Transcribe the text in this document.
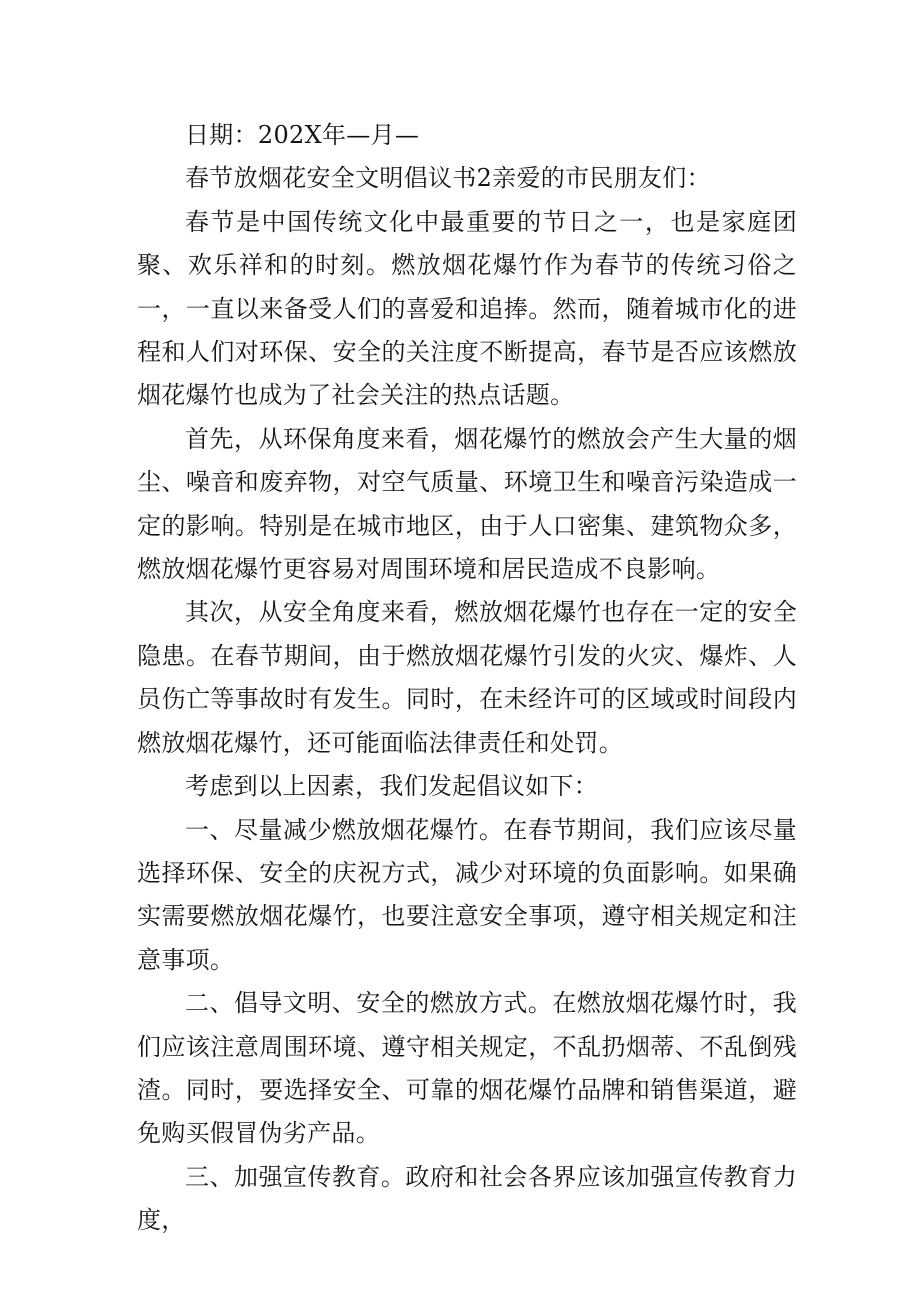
日期：202X年—月—

春节放烟花安全文明倡议书2亲爱的市民朋友们：

春节是中国传统文化中最重要的节日之一，也是家庭团聚、欢乐祥和的时刻。燃放烟花爆竹作为春节的传统习俗之一，一直以来备受人们的喜爱和追捧。然而，随着城市化的进程和人们对环保、安全的关注度不断提高，春节是否应该燃放烟花爆竹也成为了社会关注的热点话题。

首先，从环保角度来看，烟花爆竹的燃放会产生大量的烟尘、噪音和废弃物，对空气质量、环境卫生和噪音污染造成一定的影响。特别是在城市地区，由于人口密集、建筑物众多，燃放烟花爆竹更容易对周围环境和居民造成不良影响。

其次，从安全角度来看，燃放烟花爆竹也存在一定的安全隐患。在春节期间，由于燃放烟花爆竹引发的火灾、爆炸、人员伤亡等事故时有发生。同时，在未经许可的区域或时间段内燃放烟花爆竹，还可能面临法律责任和处罚。

考虑到以上因素，我们发起倡议如下：

一、尽量减少燃放烟花爆竹。在春节期间，我们应该尽量选择环保、安全的庆祝方式，减少对环境的负面影响。如果确实需要燃放烟花爆竹，也要注意安全事项，遵守相关规定和注意事项。

二、倡导文明、安全的燃放方式。在燃放烟花爆竹时，我们应该注意周围环境、遵守相关规定，不乱扔烟蒂、不乱倒残渣。同时，要选择安全、可靠的烟花爆竹品牌和销售渠道，避免购买假冒伪劣产品。

三、加强宣传教育。政府和社会各界应该加强宣传教育力度，
